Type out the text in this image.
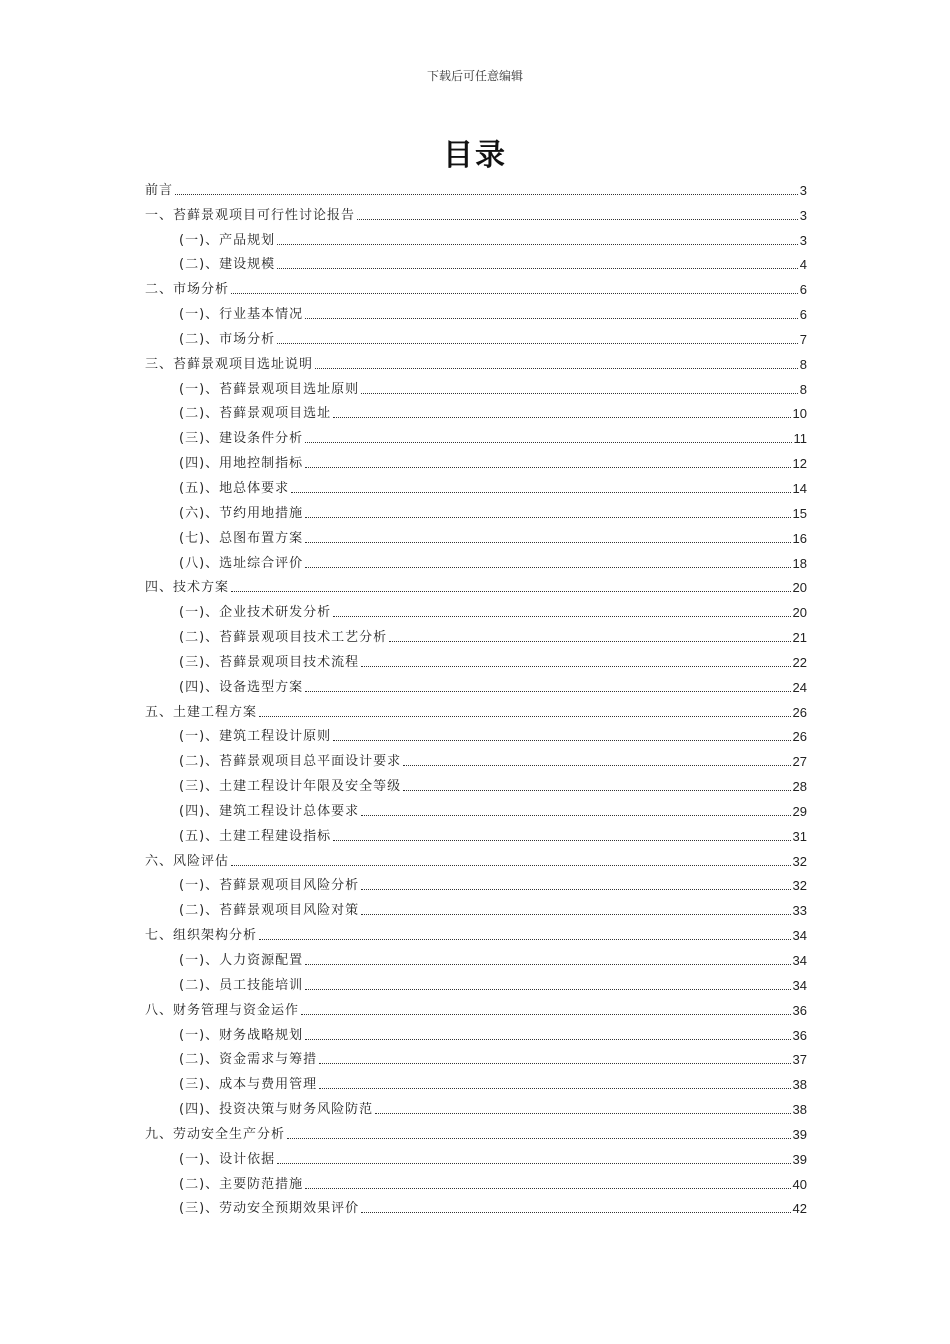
下载后可任意编辑
目录
前言	3
一、苔藓景观项目可行性讨论报告	3
(一)、产品规划	3
(二)、建设规模	4
二、市场分析	6
(一)、行业基本情况	6
(二)、市场分析	7
三、苔藓景观项目选址说明	8
(一)、苔藓景观项目选址原则	8
(二)、苔藓景观项目选址	10
(三)、建设条件分析	11
(四)、用地控制指标	12
(五)、地总体要求	14
(六)、节约用地措施	15
(七)、总图布置方案	16
(八)、选址综合评价	18
四、技术方案	20
(一)、企业技术研发分析	20
(二)、苔藓景观项目技术工艺分析	21
(三)、苔藓景观项目技术流程	22
(四)、设备选型方案	24
五、土建工程方案	26
(一)、建筑工程设计原则	26
(二)、苔藓景观项目总平面设计要求	27
(三)、土建工程设计年限及安全等级	28
(四)、建筑工程设计总体要求	29
(五)、土建工程建设指标	31
六、风险评估	32
(一)、苔藓景观项目风险分析	32
(二)、苔藓景观项目风险对策	33
七、组织架构分析	34
(一)、人力资源配置	34
(二)、员工技能培训	34
八、财务管理与资金运作	36
(一)、财务战略规划	36
(二)、资金需求与筹措	37
(三)、成本与费用管理	38
(四)、投资决策与财务风险防范	38
九、劳动安全生产分析	39
(一)、设计依据	39
(二)、主要防范措施	40
(三)、劳动安全预期效果评价	42
